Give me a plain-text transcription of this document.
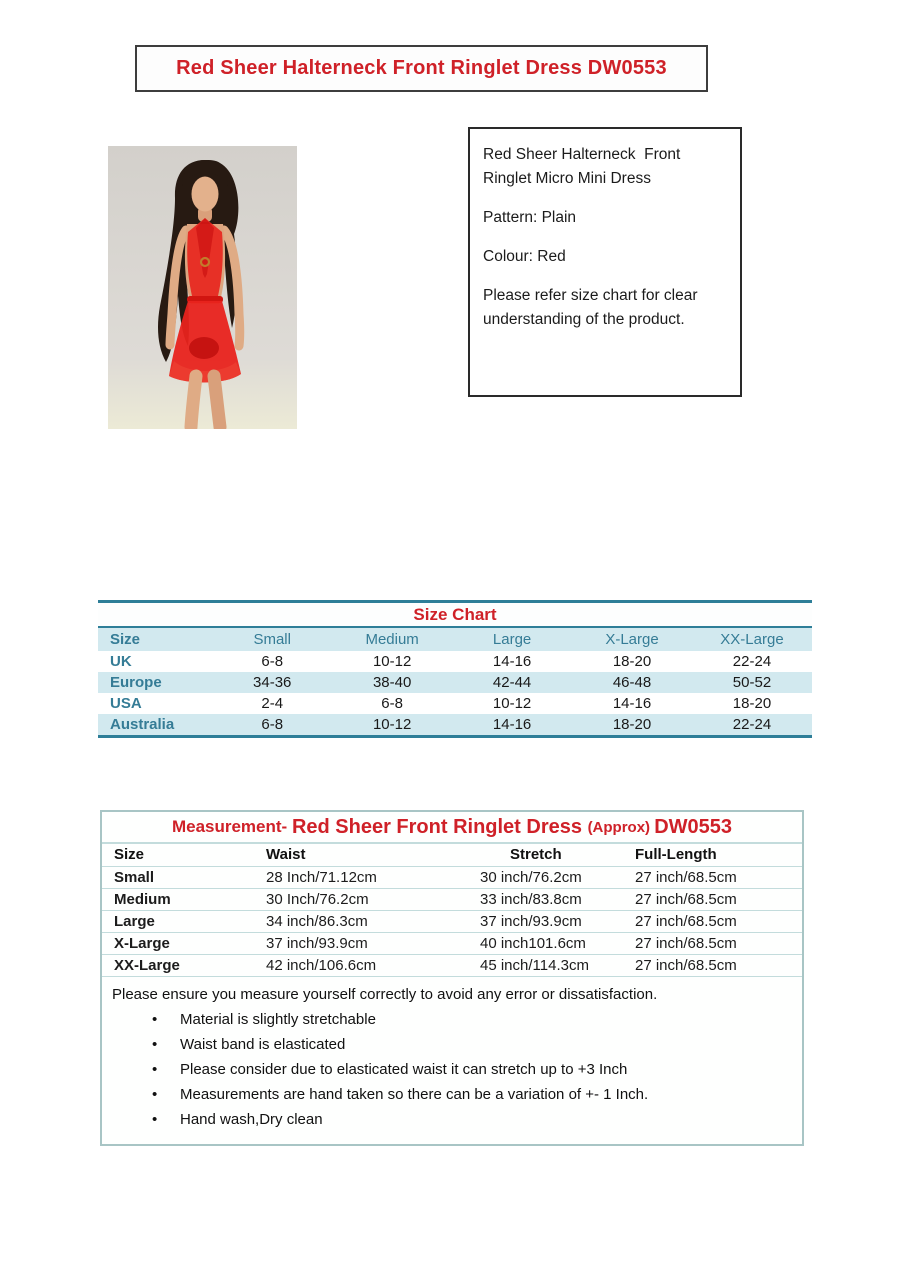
Red Sheer Halterneck Front Ringlet Dress DW0553

Red Sheer Halterneck  Front Ringlet Micro Mini Dress

Pattern: Plain

Colour: Red

Please refer size chart for clear understanding of the product.

Size Chart
Size	Small	Medium	Large	X-Large	XX-Large
UK	6-8	10-12	14-16	18-20	22-24
Europe	34-36	38-40	42-44	46-48	50-52
USA	2-4	6-8	10-12	14-16	18-20
Australia	6-8	10-12	14-16	18-20	22-24
Measurement- Red Sheer Front Ringlet Dress (Approx) DW0553
Size	Waist	Stretch	Full-Length
Small	28 Inch/71.12cm	30 inch/76.2cm	27 inch/68.5cm
Medium	30 Inch/76.2cm	33 inch/83.8cm	27 inch/68.5cm
Large	34 inch/86.3cm	37 inch/93.9cm	27 inch/68.5cm
X-Large	37 inch/93.9cm	40 inch101.6cm	27 inch/68.5cm
XX-Large	42 inch/106.6cm	45 inch/114.3cm	27 inch/68.5cm
Please ensure you measure yourself correctly to avoid any error or dissatisfaction.
• Material is slightly stretchable
• Waist band is elasticated
• Please consider due to elasticated waist it can stretch up to +3 Inch
• Measurements are hand taken so there can be a variation of +- 1 Inch.
• Hand wash,Dry clean
